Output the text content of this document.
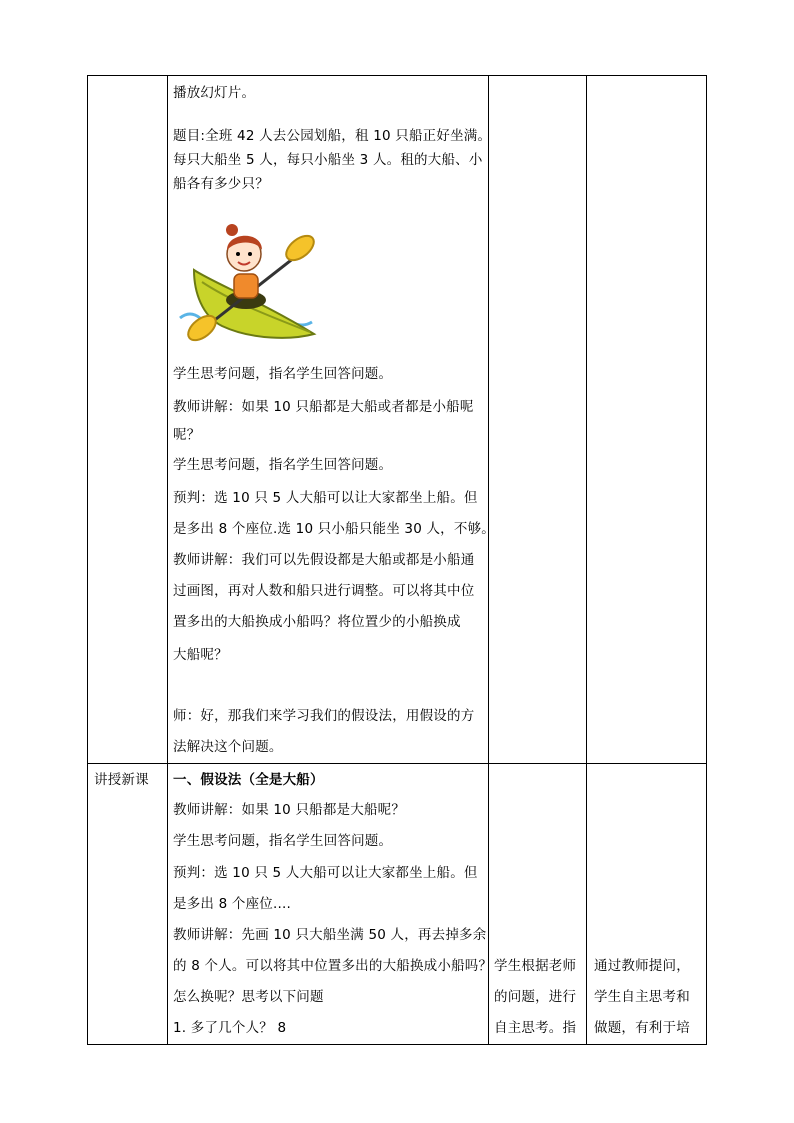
播放幻灯片。
题目:全班 42 人去公园划船，租 10 只船正好坐满。
每只大船坐 5 人，每只小船坐 3 人。租的大船、小
船各有多少只？
学生思考问题，指名学生回答问题。
教师讲解：如果 10 只船都是大船或者都是小船呢
呢？
学生思考问题，指名学生回答问题。
预判：选 10 只 5 人大船可以让大家都坐上船。但
是多出 8 个座位.选 10 只小船只能坐 30 人，不够。
教师讲解：我们可以先假设都是大船或都是小船通
过画图，再对人数和船只进行调整。可以将其中位
置多出的大船换成小船吗？将位置少的小船换成
大船呢？
师：好，那我们来学习我们的假设法，用假设的方
法解决这个问题。
讲授新课 一、假设法（全是大船）
教师讲解：如果 10 只船都是大船呢？
学生思考问题，指名学生回答问题。
预判：选 10 只 5 人大船可以让大家都坐上船。但
是多出 8 个座位....
教师讲解：先画 10 只大船坐满 50 人，再去掉多余
的 8 个人。可以将其中位置多出的大船换成小船吗？
怎么换呢？思考以下问题
1. 多了几个人？ 8
学生根据老师
的问题，进行
自主思考。指
通过教师提问，
学生自主思考和
做题，有利于培
